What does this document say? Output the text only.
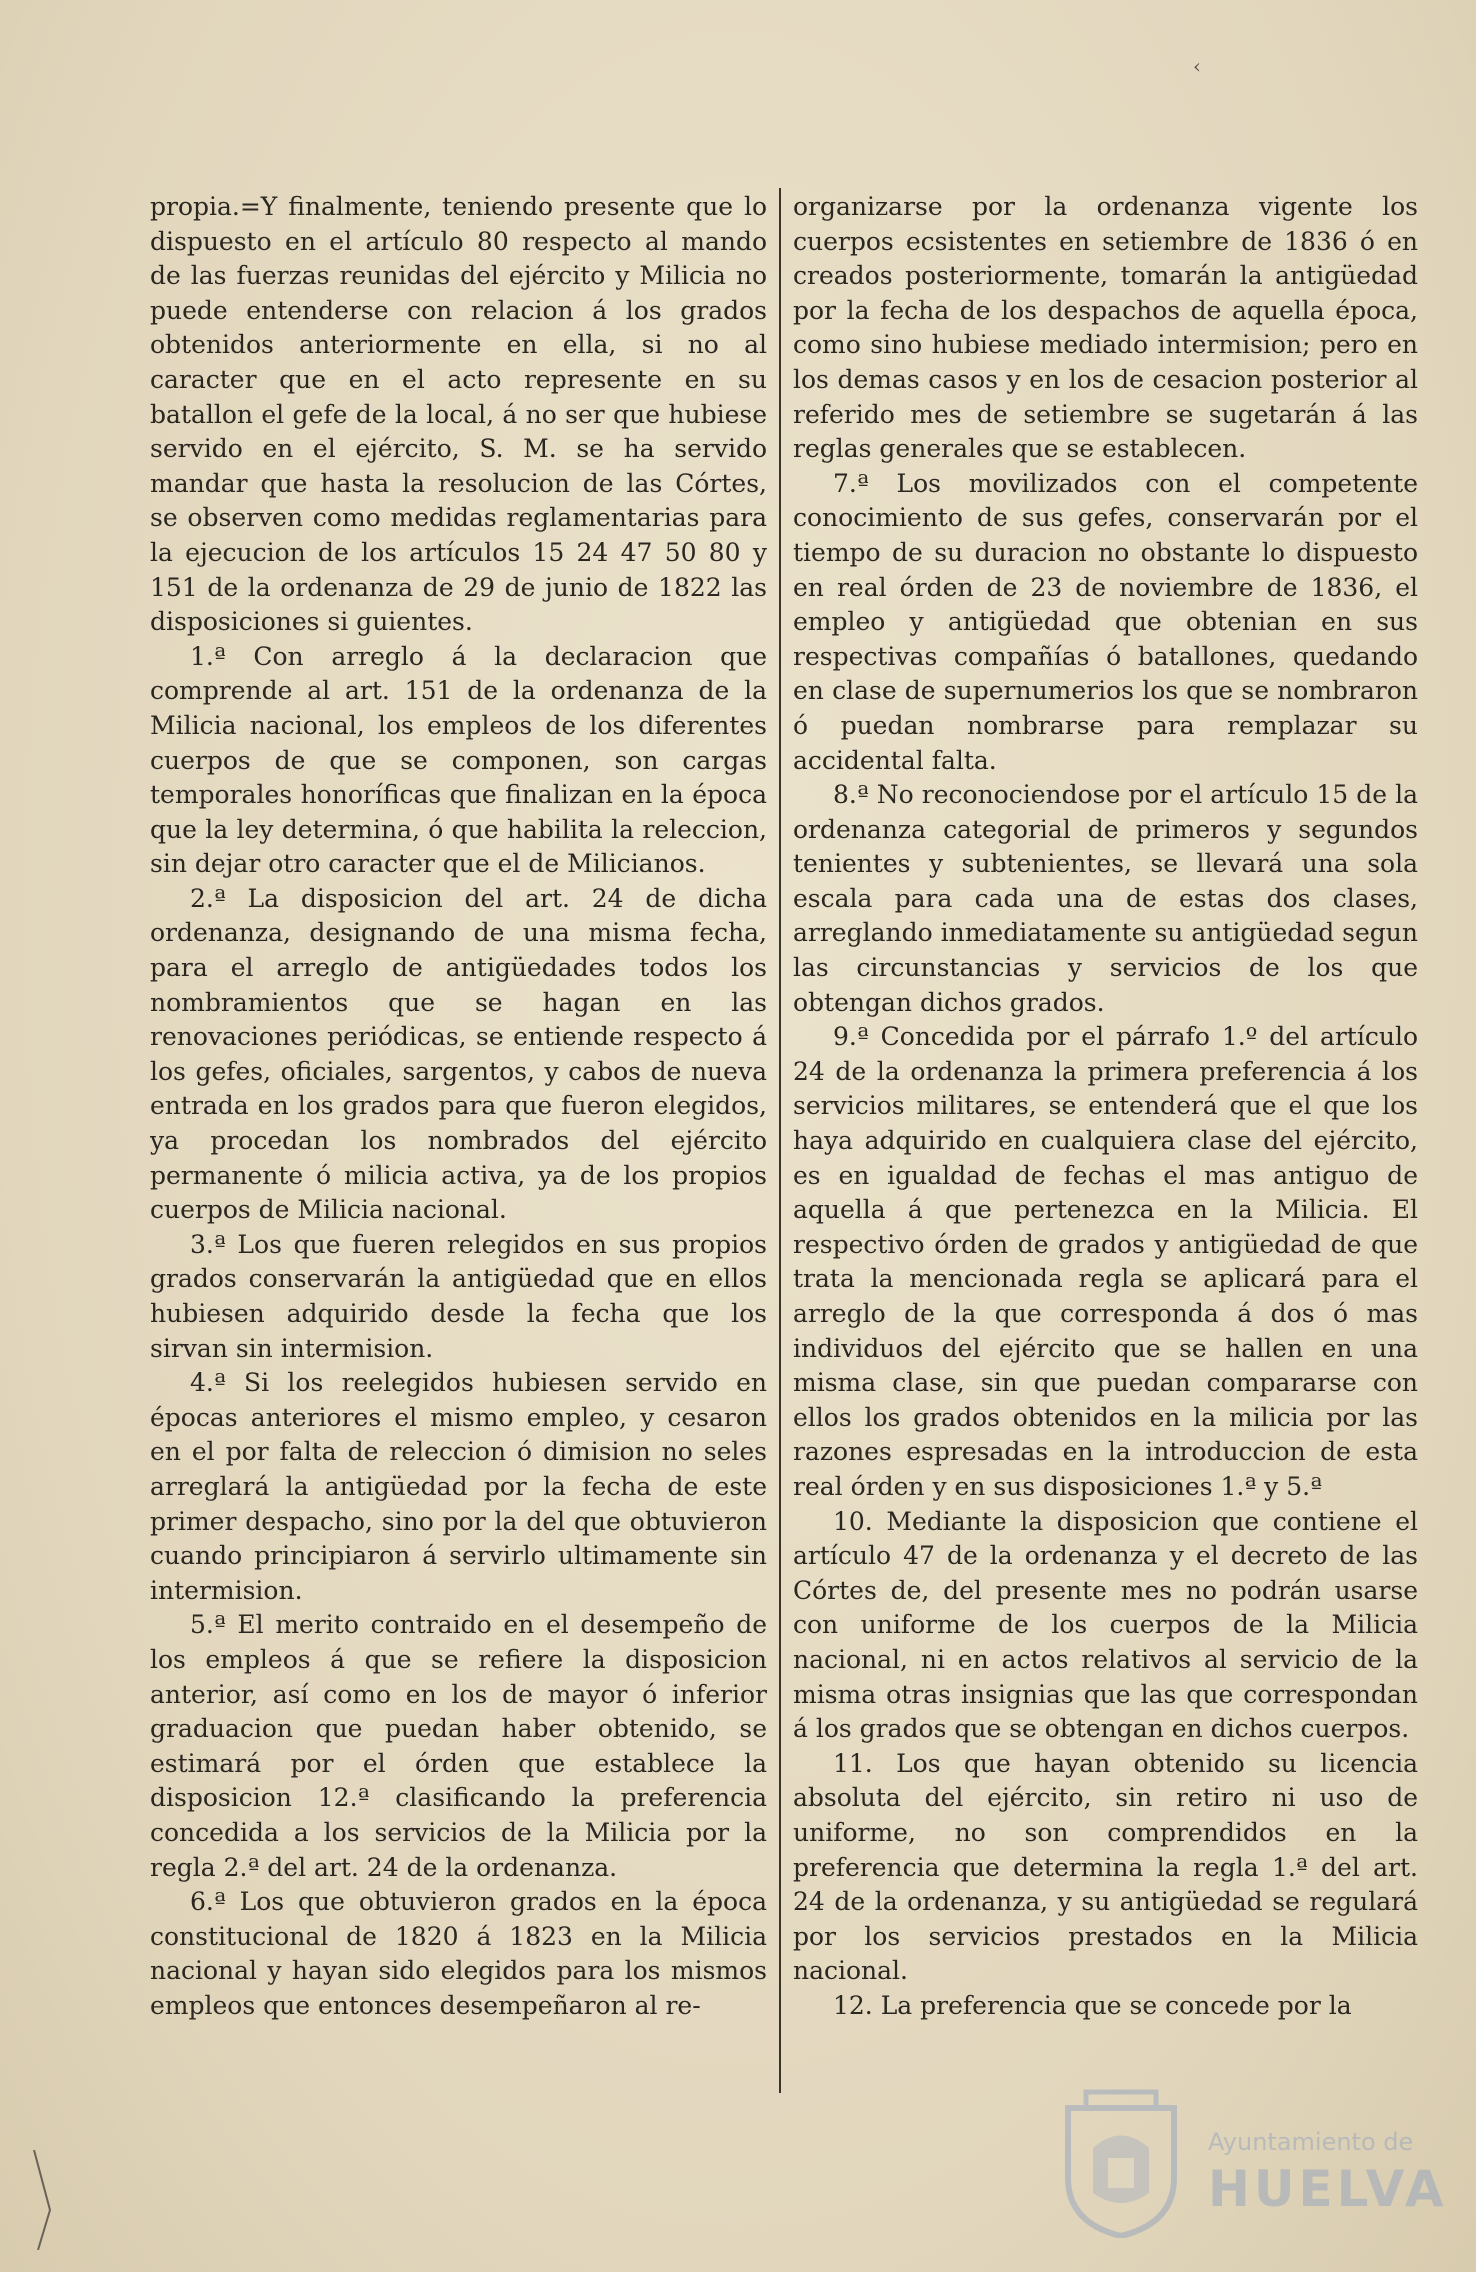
‹

propia.=Y finalmente, teniendo presente que lo dispuesto en el artículo 80 respecto al mando de las fuerzas reunidas del ejército y Milicia no puede entenderse con relacion á los grados obtenidos anteriormente en ella, si no al caracter que en el acto represente en su batallon el gefe de la local, á no ser que hubiese servido en el ejército, S. M. se ha servido mandar que hasta la resolucion de las Córtes, se observen como medidas reglamentarias para la ejecucion de los artículos 15 24 47 50 80 y 151 de la ordenanza de 29 de junio de 1822 las disposiciones si guientes.

1.ª Con arreglo á la declaracion que comprende al art. 151 de la ordenanza de la Milicia nacional, los empleos de los diferentes cuerpos de que se componen, son cargas temporales honoríficas que finalizan en la época que la ley determina, ó que habilita la releccion, sin dejar otro caracter que el de Milicianos.

2.ª La disposicion del art. 24 de dicha ordenanza, designando de una misma fecha, para el arreglo de antigüedades todos los nombramientos que se hagan en las renovaciones periódicas, se entiende respecto á los gefes, oficiales, sargentos, y cabos de nueva entrada en los grados para que fueron elegidos, ya procedan los nombrados del ejército permanente ó milicia activa, ya de los propios cuerpos de Milicia nacional.

3.ª Los que fueren relegidos en sus propios grados conservarán la antigüedad que en ellos hubiesen adquirido desde la fecha que los sirvan sin intermision.

4.ª Si los reelegidos hubiesen servido en épocas anteriores el mismo empleo, y cesaron en el por falta de releccion ó dimision no seles arreglará la antigüedad por la fecha de este primer despacho, sino por la del que obtuvieron cuando principiaron á servirlo ultimamente sin intermision.

5.ª El merito contraido en el desempeño de los empleos á que se refiere la disposicion anterior, así como en los de mayor ó inferior graduacion que puedan haber obtenido, se estimará por el órden que establece la disposicion 12.ª clasificando la preferencia concedida a los servicios de la Milicia por la regla 2.ª del art. 24 de la ordenanza.

6.ª Los que obtuvieron grados en la época constitucional de 1820 á 1823 en la Milicia nacional y hayan sido elegidos para los mismos empleos que entonces desempeñaron al re-

organizarse por la ordenanza vigente los cuerpos ecsistentes en setiembre de 1836 ó en creados posteriormente, tomarán la antigüedad por la fecha de los despachos de aquella época, como sino hubiese mediado intermision; pero en los demas casos y en los de cesacion posterior al referido mes de setiembre se sugetarán á las reglas generales que se establecen.

7.ª Los movilizados con el competente conocimiento de sus gefes, conservarán por el tiempo de su duracion no obstante lo dispuesto en real órden de 23 de noviembre de 1836, el empleo y antigüedad que obtenian en sus respectivas compañías ó batallones, quedando en clase de supernumerios los que se nombraron ó puedan nombrarse para remplazar su accidental falta.

8.ª No reconociendose por el artículo 15 de la ordenanza categorial de primeros y segundos tenientes y subtenientes, se llevará una sola escala para cada una de estas dos clases, arreglando inmediatamente su antigüedad segun las circunstancias y servicios de los que obtengan dichos grados.

9.ª Concedida por el párrafo 1.º del artículo 24 de la ordenanza la primera preferencia á los servicios militares, se entenderá que el que los haya adquirido en cualquiera clase del ejército, es en igualdad de fechas el mas antiguo de aquella á que pertenezca en la Milicia. El respectivo órden de grados y antigüedad de que trata la mencionada regla se aplicará para el arreglo de la que corresponda á dos ó mas individuos del ejército que se hallen en una misma clase, sin que puedan compararse con ellos los grados obtenidos en la milicia por las razones espresadas en la introduccion de esta real órden y en sus disposiciones 1.ª y 5.ª

10. Mediante la disposicion que contiene el artículo 47 de la ordenanza y el decreto de las Córtes de, del presente mes no podrán usarse con uniforme de los cuerpos de la Milicia nacional, ni en actos relativos al servicio de la misma otras insignias que las que correspondan á los grados que se obtengan en dichos cuerpos.

11. Los que hayan obtenido su licencia absoluta del ejército, sin retiro ni uso de uniforme, no son comprendidos en la preferencia que determina la regla 1.ª del art. 24 de la ordenanza, y su antigüedad se regulará por los servicios prestados en la Milicia nacional.

12. La preferencia que se concede por la

Ayuntamiento de
HUELVA
